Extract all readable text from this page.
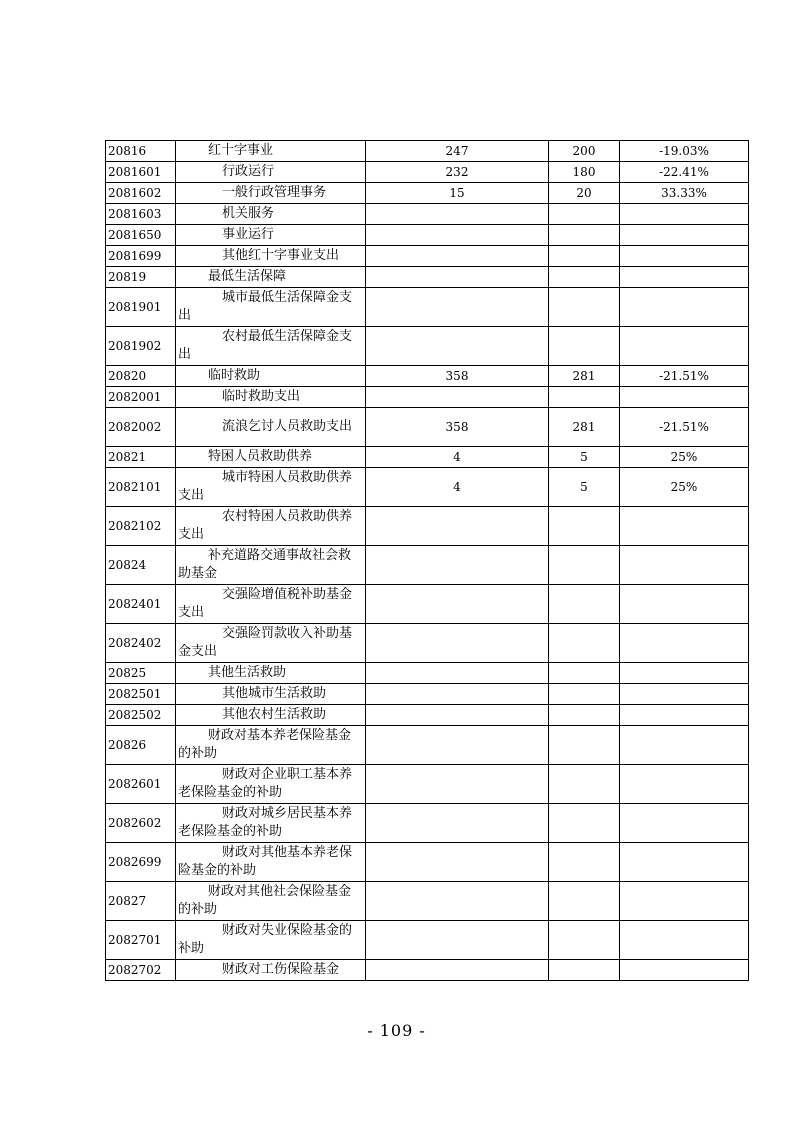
20816	红十字事业	247	200	-19.03%
2081601	行政运行	232	180	-22.41%
2081602	一般行政管理事务	15	20	33.33%
2081603	机关服务			
2081650	事业运行			
2081699	其他红十字事业支出			
20819	最低生活保障			
2081901	城市最低生活保障金支出			
2081902	农村最低生活保障金支出			
20820	临时救助	358	281	-21.51%
2082001	临时救助支出			
2082002	流浪乞讨人员救助支出	358	281	-21.51%
20821	特困人员救助供养	4	5	25%
2082101	城市特困人员救助供养支出	4	5	25%
2082102	农村特困人员救助供养支出			
20824	补充道路交通事故社会救助基金			
2082401	交强险增值税补助基金支出			
2082402	交强险罚款收入补助基金支出			
20825	其他生活救助			
2082501	其他城市生活救助			
2082502	其他农村生活救助			
20826	财政对基本养老保险基金的补助			
2082601	财政对企业职工基本养老保险基金的补助			
2082602	财政对城乡居民基本养老保险基金的补助			
2082699	财政对其他基本养老保险基金的补助			
20827	财政对其他社会保险基金的补助			
2082701	财政对失业保险基金的补助			
2082702	财政对工伤保险基金			
- 109 -
